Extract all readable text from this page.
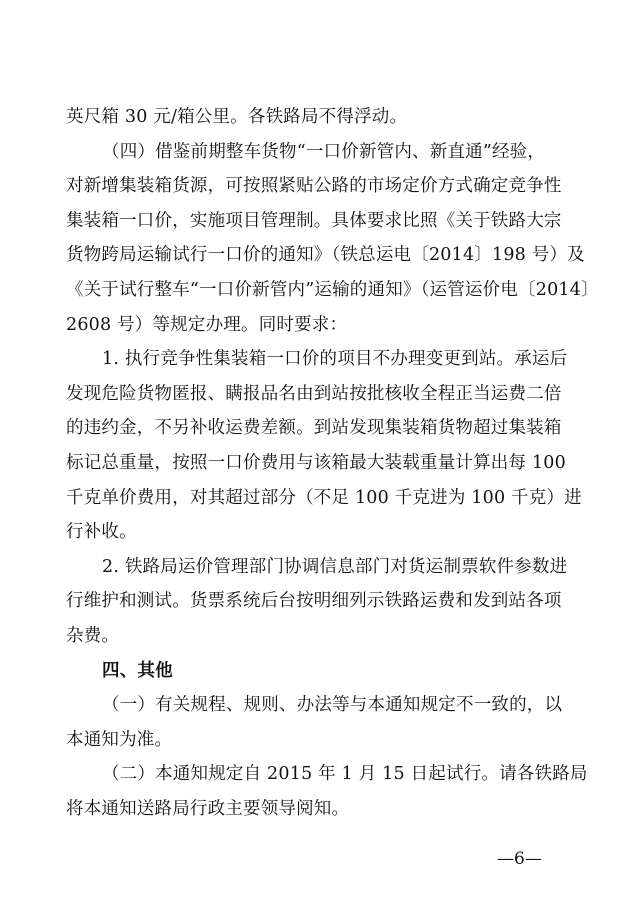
英尺箱 30 元/箱公里。各铁路局不得浮动。
（四）借鉴前期整车货物“一口价新管内、新直通”经验，
对新增集装箱货源，可按照紧贴公路的市场定价方式确定竞争性
集装箱一口价，实施项目管理制。具体要求比照《关于铁路大宗
货物跨局运输试行一口价的通知》（铁总运电〔2014〕198 号）及
《关于试行整车“一口价新管内”运输的通知》（运管运价电〔2014〕
2608 号）等规定办理。同时要求：
1. 执行竞争性集装箱一口价的项目不办理变更到站。承运后
发现危险货物匿报、瞒报品名由到站按批核收全程正当运费二倍
的违约金，不另补收运费差额。到站发现集装箱货物超过集装箱
标记总重量，按照一口价费用与该箱最大装载重量计算出每 100
千克单价费用，对其超过部分（不足 100 千克进为 100 千克）进
行补收。
2. 铁路局运价管理部门协调信息部门对货运制票软件参数进
行维护和测试。货票系统后台按明细列示铁路运费和发到站各项
杂费。
四、其他
（一）有关规程、规则、办法等与本通知规定不一致的，以
本通知为准。
（二）本通知规定自 2015 年 1 月 15 日起试行。请各铁路局
将本通知送路局行政主要领导阅知。
—6—
